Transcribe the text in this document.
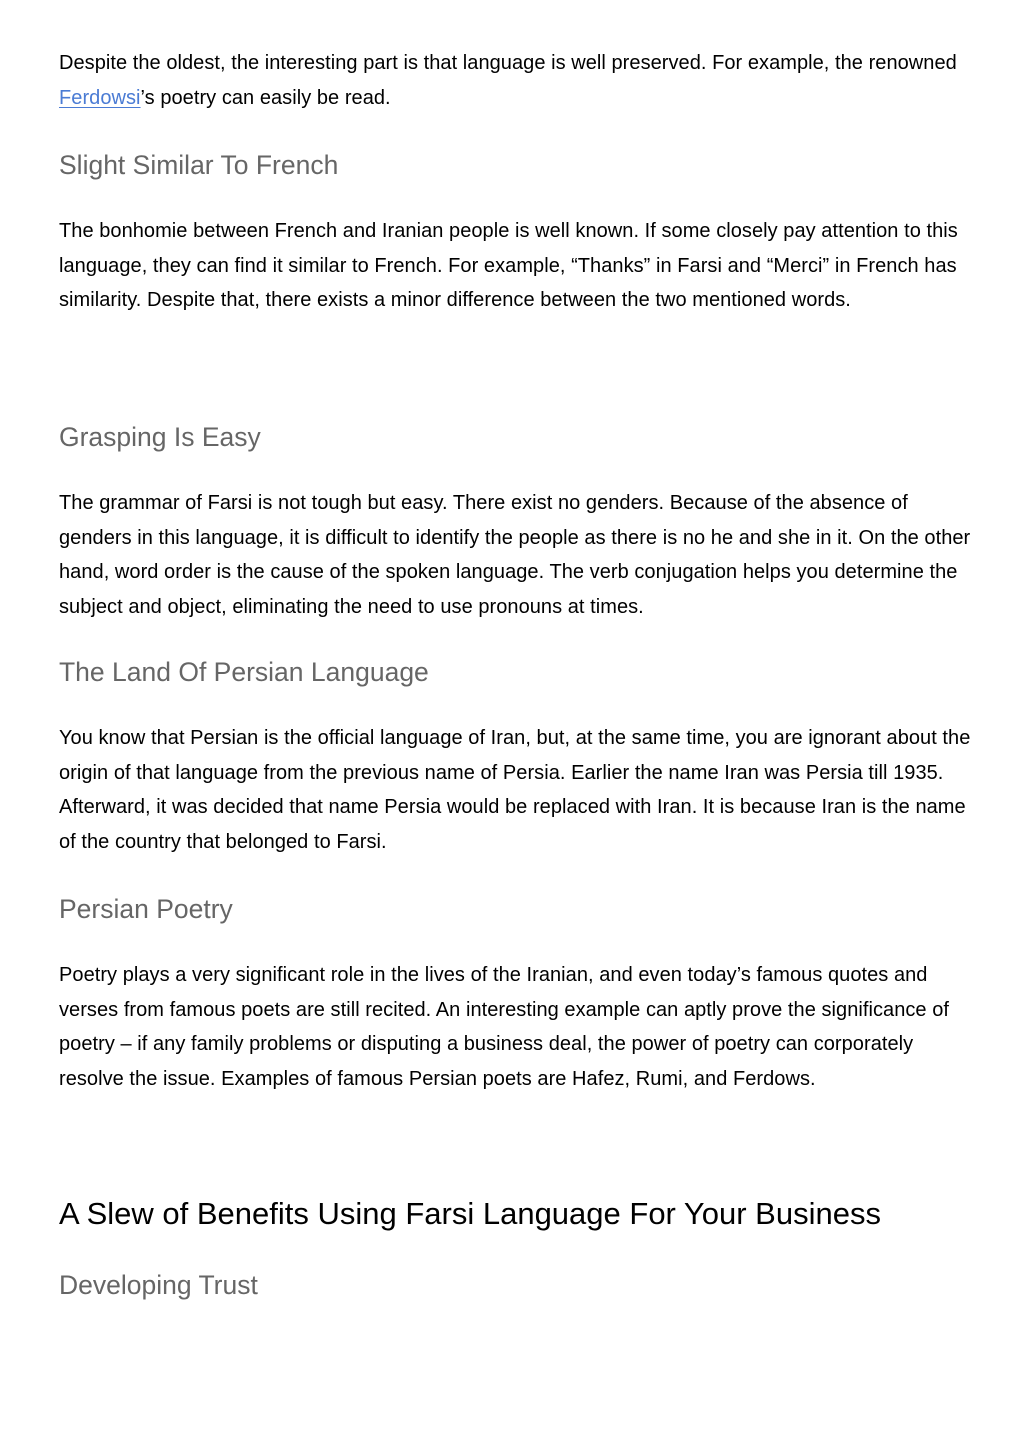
Despite the oldest, the interesting part is that language is well preserved. For example, the renowned Ferdowsi’s poetry can easily be read.

Slight Similar To French

The bonhomie between French and Iranian people is well known. If some closely pay attention to this language, they can find it similar to French. For example, “Thanks” in Farsi and “Merci” in French has similarity. Despite that, there exists a minor difference between the two mentioned words.

Grasping Is Easy

The grammar of Farsi is not tough but easy. There exist no genders. Because of the absence of genders in this language, it is difficult to identify the people as there is no he and she in it. On the other hand, word order is the cause of the spoken language. The verb conjugation helps you determine the subject and object, eliminating the need to use pronouns at times.

The Land Of Persian Language

You know that Persian is the official language of Iran, but, at the same time, you are ignorant about the origin of that language from the previous name of Persia. Earlier the name Iran was Persia till 1935. Afterward, it was decided that name Persia would be replaced with Iran. It is because Iran is the name of the country that belonged to Farsi.

Persian Poetry

Poetry plays a very significant role in the lives of the Iranian, and even today’s famous quotes and verses from famous poets are still recited. An interesting example can aptly prove the significance of poetry – if any family problems or disputing a business deal, the power of poetry can corporately resolve the issue. Examples of famous Persian poets are Hafez, Rumi, and Ferdows.

A Slew of Benefits Using Farsi Language For Your Business
Developing Trust
